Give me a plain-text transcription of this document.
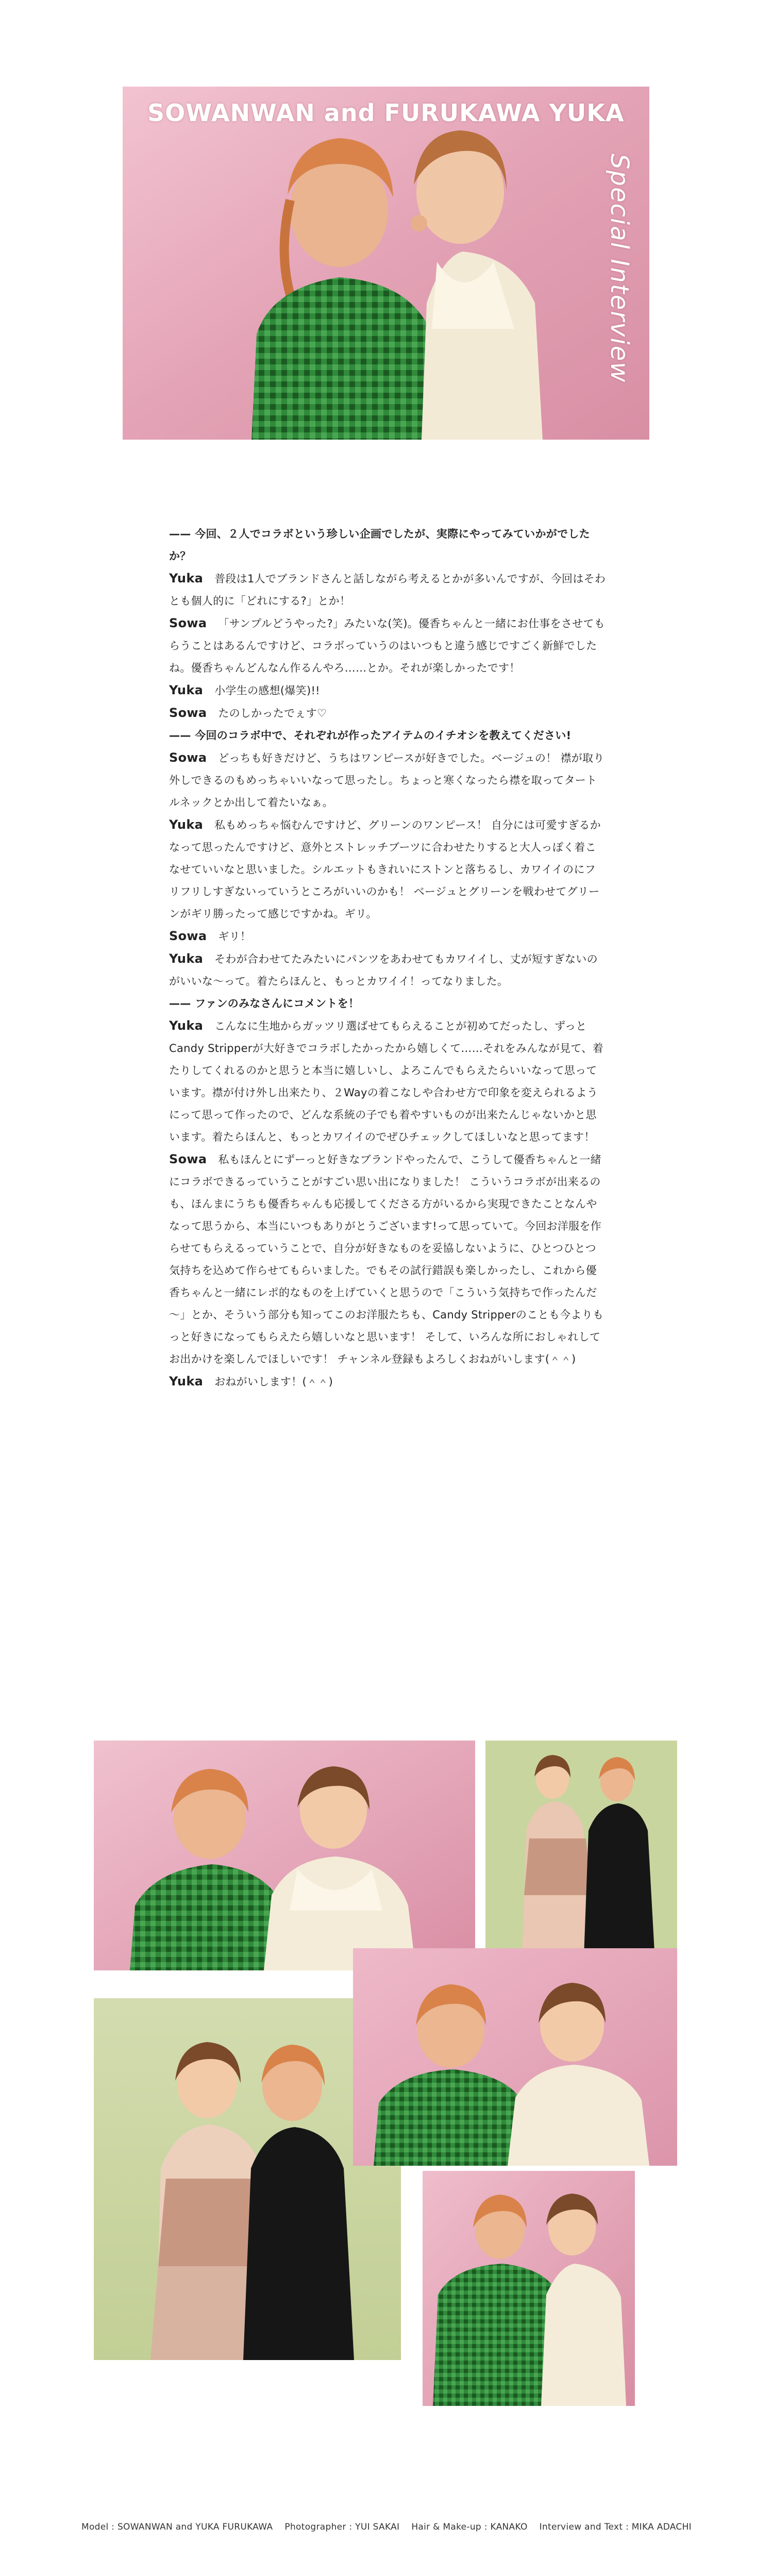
SOWANWAN and FURUKAWA YUKA
Special Interview
—— 今回、２人でコラボという珍しい企画でしたが、実際にやってみていかがでしたか？
Yuka 普段は1人でブランドさんと話しながら考えるとかが多いんですが、今回はそわとも個人的に「どれにする?」とか！
Sowa 「サンプルどうやった?」みたいな(笑)。優香ちゃんと一緒にお仕事をさせてもらうことはあるんですけど、コラボっていうのはいつもと違う感じですごく新鮮でしたね。優香ちゃんどんなん作るんやろ……とか。それが楽しかったです！
Yuka 小学生の感想(爆笑)!!
Sowa たのしかったでぇす♡
—— 今回のコラボ中で、それぞれが作ったアイテムのイチオシを教えてください!
Sowa どっちも好きだけど、うちはワンピースが好きでした。ベージュの！ 襟が取り外しできるのもめっちゃいいなって思ったし。ちょっと寒くなったら襟を取ってタートルネックとか出して着たいなぁ。
Yuka 私もめっちゃ悩むんですけど、グリーンのワンピース！ 自分には可愛すぎるかなって思ったんですけど、意外とストレッチブーツに合わせたりすると大人っぽく着こなせていいなと思いました。シルエットもきれいにストンと落ちるし、カワイイのにフリフリしすぎないっていうところがいいのかも！ ベージュとグリーンを戦わせてグリーンがギリ勝ったって感じですかね。ギリ。
Sowa ギリ！
Yuka そわが合わせてたみたいにパンツをあわせてもカワイイし、丈が短すぎないのがいいな～って。着たらほんと、もっとカワイイ！ってなりました。
—— ファンのみなさんにコメントを！
Yuka こんなに生地からガッツリ選ばせてもらえることが初めてだったし、ずっとCandy Stripperが大好きでコラボしたかったから嬉しくて……それをみんなが見て、着たりしてくれるのかと思うと本当に嬉しいし、よろこんでもらえたらいいなって思っています。襟が付け外し出来たり、２Wayの着こなしや合わせ方で印象を変えられるようにって思って作ったので、どんな系統の子でも着やすいものが出来たんじゃないかと思います。着たらほんと、もっとカワイイのでぜひチェックしてほしいなと思ってます！
Sowa 私もほんとにずーっと好きなブランドやったんで、こうして優香ちゃんと一緒にコラボできるっていうことがすごい思い出になりました！ こういうコラボが出来るのも、ほんまにうちも優香ちゃんも応援してくださる方がいるから実現できたことなんやなって思うから、本当にいつもありがとうございます!って思っていて。今回お洋服を作らせてもらえるっていうことで、自分が好きなものを妥協しないように、ひとつひとつ気持ちを込めて作らせてもらいました。でもその試行錯誤も楽しかったし、これから優香ちゃんと一緒にレポ的なものを上げていくと思うので「こういう気持ちで作ったんだ～」とか、そういう部分も知ってこのお洋服たちも、Candy Stripperのことも今よりもっと好きになってもらえたら嬉しいなと思います！ そして、いろんな所におしゃれしてお出かけを楽しんでほしいです！ チャンネル登録もよろしくおねがいします(＾＾)
Yuka おねがいします！(＾＾)
Model : SOWANWAN and YUKA FURUKAWA　 Photographer : YUI SAKAI　 Hair & Make-up : KANAKO　 Interview and Text : MIKA ADACHI
